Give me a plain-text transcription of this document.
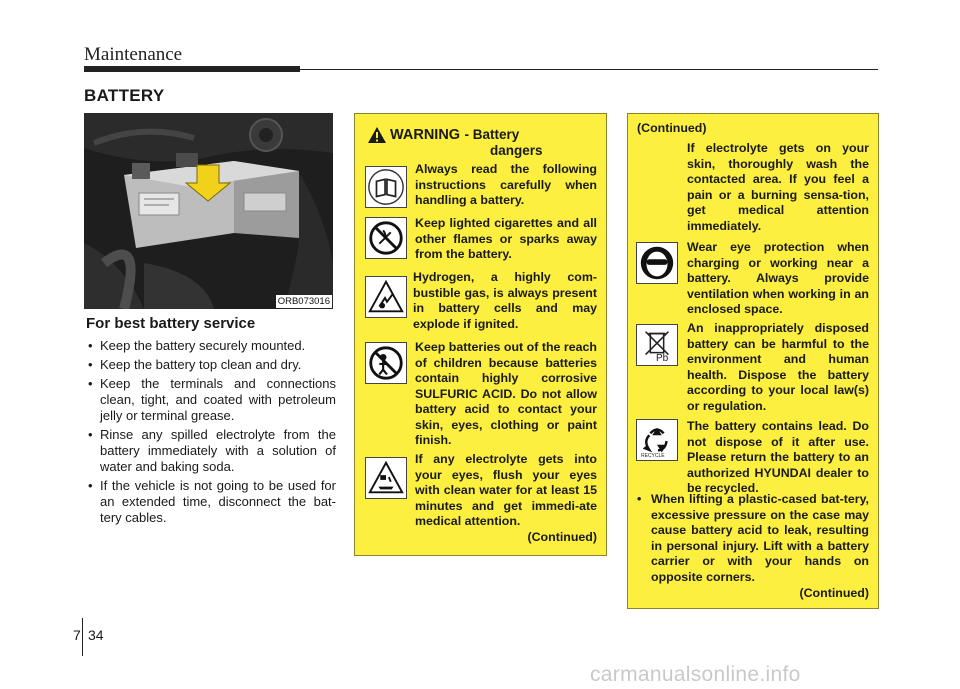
Maintenance
BATTERY
ORB073016
For best battery service
• Keep the battery securely mounted.
• Keep the battery top clean and dry.
• Keep the terminals and connections clean, tight, and coated with petroleum jelly or terminal grease.
• Rinse any spilled electrolyte from the battery immediately with a solution of water and baking soda.
• If the vehicle is not going to be used for an extended time, disconnect the bat-tery cables.
WARNING - Battery
dangers
Always read the following instructions carefully when handling a battery.
Keep lighted cigarettes and all other flames or sparks away from the battery.
Hydrogen, a highly com-bustible gas, is always present in battery cells and may explode if ignited.
Keep batteries out of the reach of children because batteries contain highly corrosive SULFURIC ACID. Do not allow battery acid to contact your skin, eyes, clothing or paint finish.
If any electrolyte gets into your eyes, flush your eyes with clean water for at least 15 minutes and get immedi-ate medical attention.
(Continued)
(Continued)
If electrolyte gets on your skin, thoroughly wash the contacted area. If you feel a pain or a burning sensa-tion, get medical attention immediately.
Wear eye protection when charging or working near a battery. Always provide ventilation when working in an enclosed space.
Pb
An inappropriately disposed battery can be harmful to the environment and human health. Dispose the battery according to your local law(s) or regulation.
RECYCLE
The battery contains lead. Do not dispose of it after use. Please return the battery to an authorized HYUNDAI dealer to be recycled.
• When lifting a plastic-cased bat-tery, excessive pressure on the case may cause battery acid to leak, resulting in personal injury. Lift with a battery carrier or with your hands on opposite corners.
(Continued)
7 34
carmanualsonline.info
